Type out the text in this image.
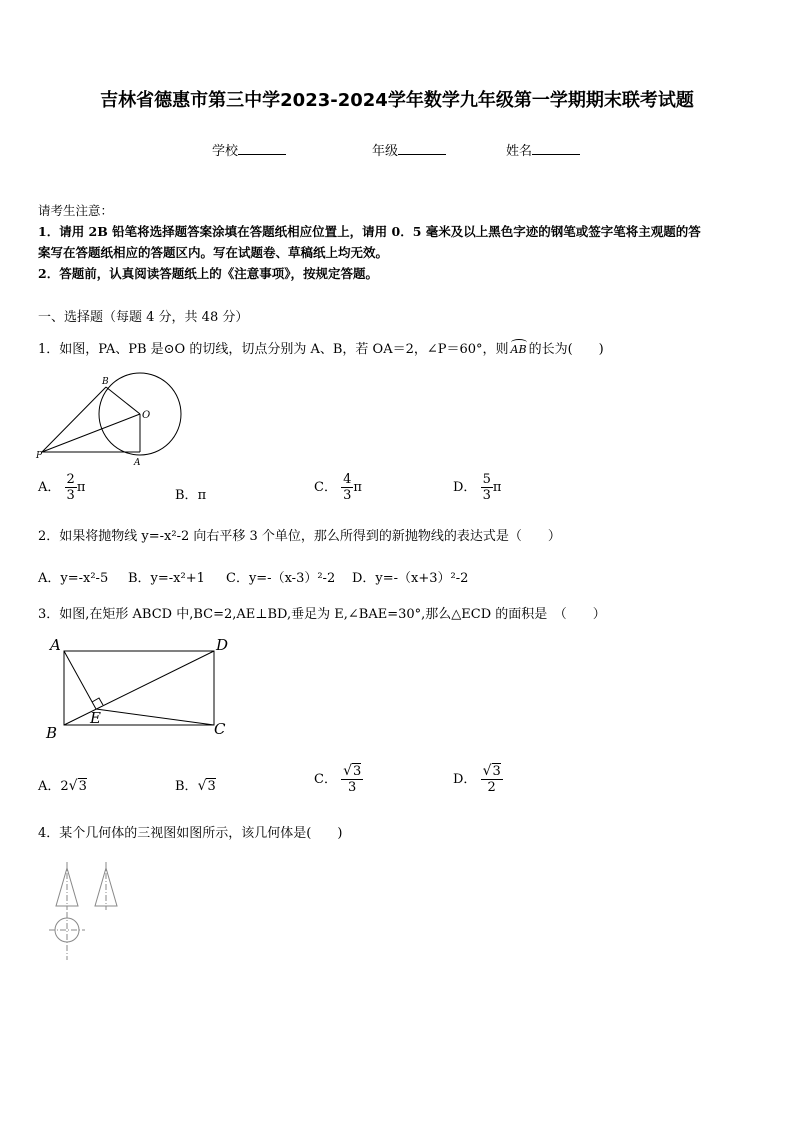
吉林省德惠市第三中学2023-2024学年数学九年级第一学期期末联考试题
学校	年级	姓名
请考生注意：
1．请用 2B 铅笔将选择题答案涂填在答题纸相应位置上，请用 0．5 毫米及以上黑色字迹的钢笔或签字笔将主观题的答
案写在答题纸相应的答题区内。写在试题卷、草稿纸上均无效。
2．答题前，认真阅读答题纸上的《注意事项》，按规定答题。
一、选择题（每题 4 分，共 48 分）
1．如图，PA、PB 是⊙O 的切线，切点分别为 A、B，若 OA＝2，∠P＝60°，则 AB 的长为(　　)
B
O
P
A
A． $\frac{2}{3}$ π
B．π
C． $\frac{4}{3}$ π	D． $\frac{5}{3}$ π
2．如果将抛物线 y=-x²-2 向右平移 3 个单位，那么所得到的新抛物线的表达式是（　　）
A．y=-x²-5 B．y=-x²+1 C．y=-（x-3）²-2 D．y=-（x+3）²-2
3．如图,在矩形 ABCD 中,BC=2,AE⊥BD,垂足为 E,∠BAE=30°,那么△ECD 的面积是　（　　）
A	D
B
E
C
A．2√3	B．√3	C． $\frac{√3}{3}$	D． $\frac{√3}{2}$
4．某个几何体的三视图如图所示，该几何体是(　　)
